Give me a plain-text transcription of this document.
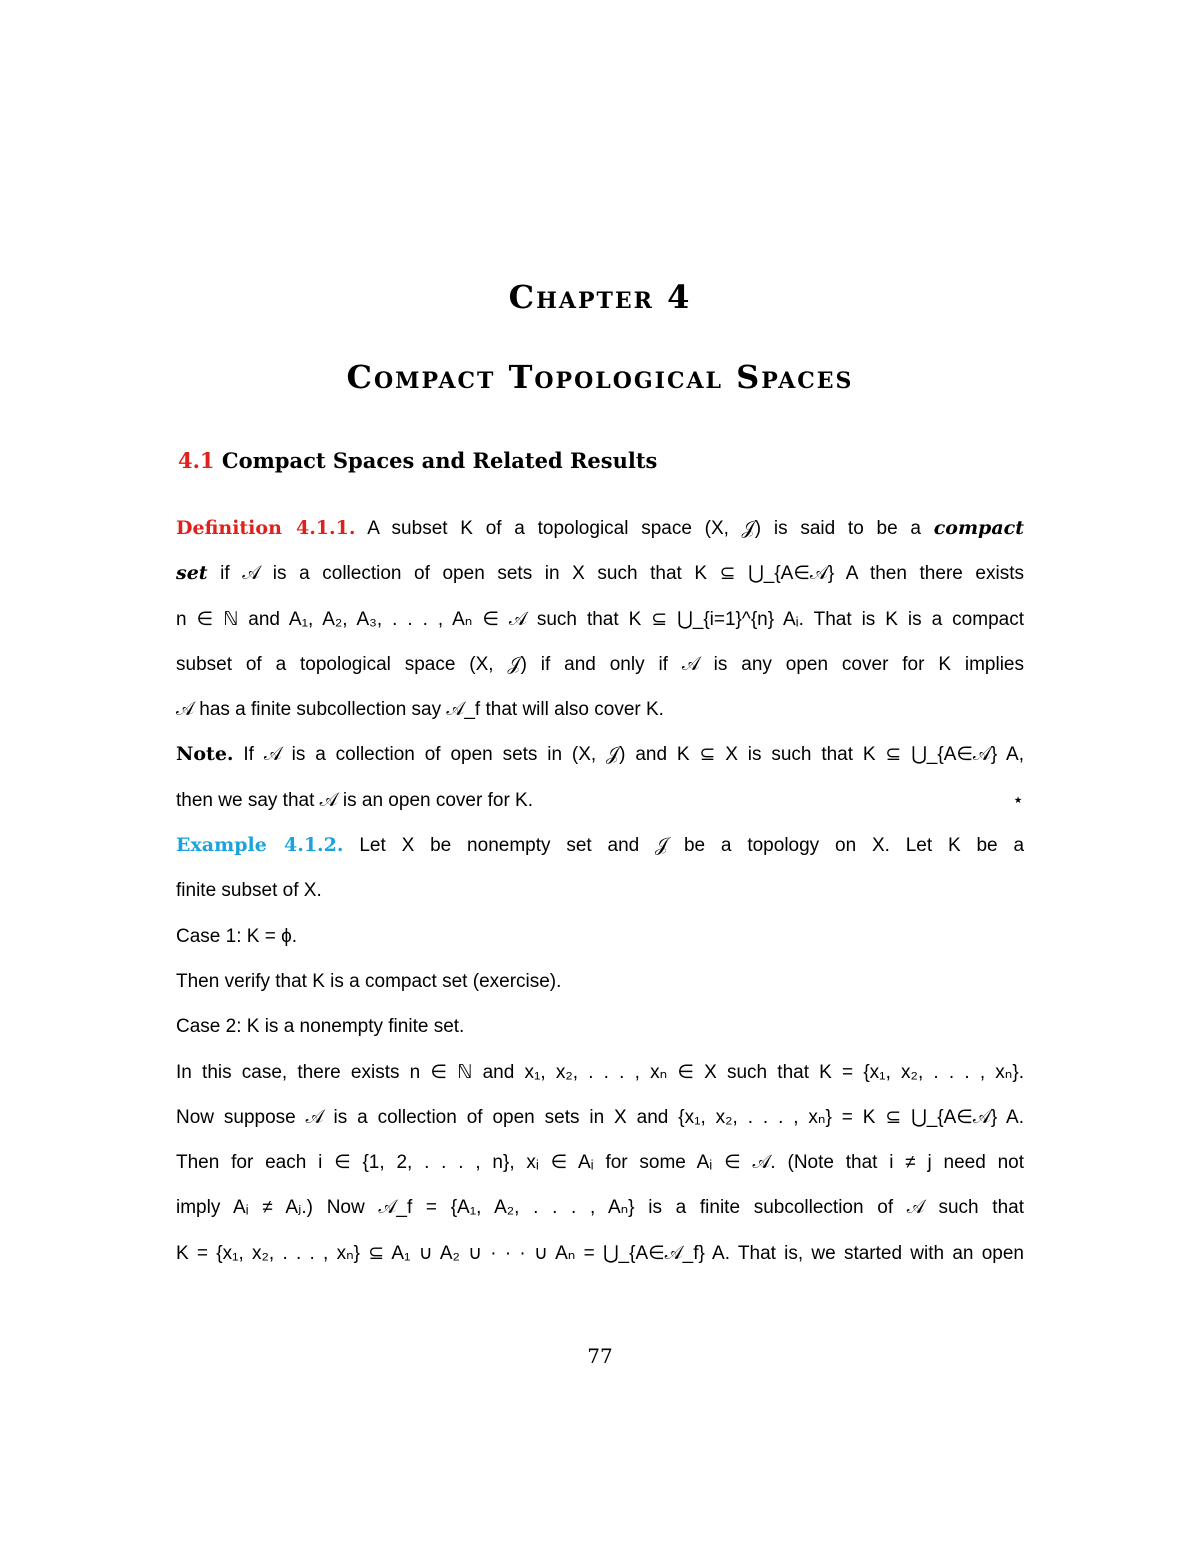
Chapter 4
Compact Topological Spaces
4.1 Compact Spaces and Related Results
Definition 4.1.1. A subset K of a topological space (X, 𝒥) is said to be a compact
set if 𝒜 is a collection of open sets in X such that K ⊆ ⋃_{A∈𝒜} A then there exists
n ∈ ℕ and A₁, A₂, A₃, . . . , Aₙ ∈ 𝒜 such that K ⊆ ⋃_{i=1}^{n} Aᵢ. That is K is a compact
subset of a topological space (X, 𝒥) if and only if 𝒜 is any open cover for K implies
𝒜 has a finite subcollection say 𝒜_f that will also cover K.
Note. If 𝒜 is a collection of open sets in (X, 𝒥) and K ⊆ X is such that K ⊆ ⋃_{A∈𝒜} A,
then we say that 𝒜 is an open cover for K.	⋆
Example 4.1.2. Let X be nonempty set and 𝒥 be a topology on X. Let K be a
finite subset of X.
Case 1: K = ϕ.
Then verify that K is a compact set (exercise).
Case 2: K is a nonempty finite set.
In this case, there exists n ∈ ℕ and x₁, x₂, . . . , xₙ ∈ X such that K = {x₁, x₂, . . . , xₙ}.
Now suppose 𝒜 is a collection of open sets in X and {x₁, x₂, . . . , xₙ} = K ⊆ ⋃_{A∈𝒜} A.
Then for each i ∈ {1, 2, . . . , n}, xᵢ ∈ Aᵢ for some Aᵢ ∈ 𝒜. (Note that i ≠ j need not
imply Aᵢ ≠ Aⱼ.) Now 𝒜_f = {A₁, A₂, . . . , Aₙ} is a finite subcollection of 𝒜 such that
K = {x₁, x₂, . . . , xₙ} ⊆ A₁ ∪ A₂ ∪ · · · ∪ Aₙ = ⋃_{A∈𝒜_f} A. That is, we started with an open
77
